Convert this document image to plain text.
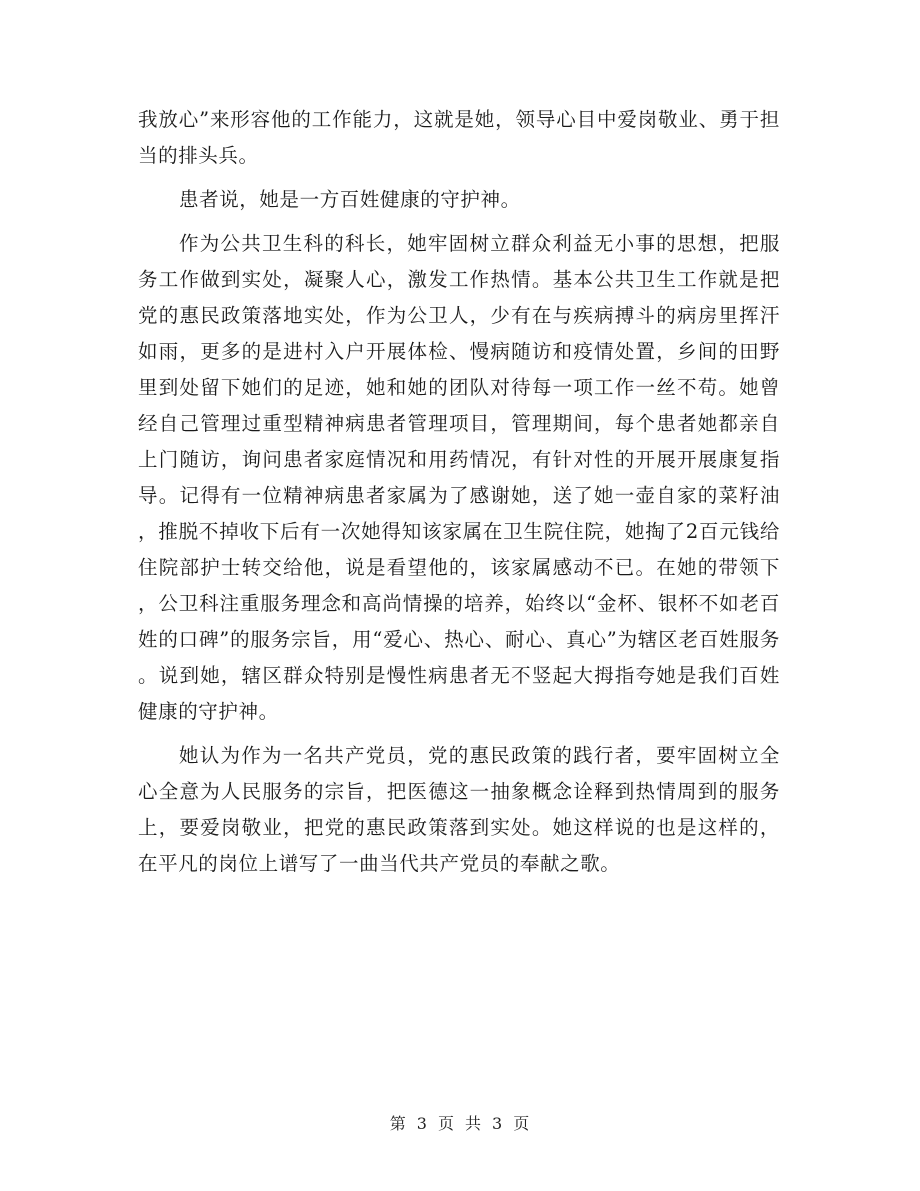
我放心”来形容他的工作能力，这就是她，领导心目中爱岗敬业、勇于担当的排头兵。

患者说，她是一方百姓健康的守护神。

作为公共卫生科的科长，她牢固树立群众利益无小事的思想，把服务工作做到实处，凝聚人心，激发工作热情。基本公共卫生工作就是把党的惠民政策落地实处，作为公卫人，少有在与疾病搏斗的病房里挥汗如雨，更多的是进村入户开展体检、慢病随访和疫情处置，乡间的田野里到处留下她们的足迹，她和她的团队对待每一项工作一丝不苟。她曾经自己管理过重型精神病患者管理项目，管理期间，每个患者她都亲自上门随访，询问患者家庭情况和用药情况，有针对性的开展开展康复指导。记得有一位精神病患者家属为了感谢她，送了她一壶自家的菜籽油，推脱不掉收下后有一次她得知该家属在卫生院住院，她掏了2百元钱给住院部护士转交给他，说是看望他的，该家属感动不已。在她的带领下，公卫科注重服务理念和高尚情操的培养，始终以“金杯、银杯不如老百姓的口碑”的服务宗旨，用“爱心、热心、耐心、真心”为辖区老百姓服务。说到她，辖区群众特别是慢性病患者无不竖起大拇指夸她是我们百姓健康的守护神。

她认为作为一名共产党员，党的惠民政策的践行者，要牢固树立全心全意为人民服务的宗旨，把医德这一抽象概念诠释到热情周到的服务上，要爱岗敬业，把党的惠民政策落到实处。她这样说的也是这样的，在平凡的岗位上谱写了一曲当代共产党员的奉献之歌。

第 3 页 共 3 页
